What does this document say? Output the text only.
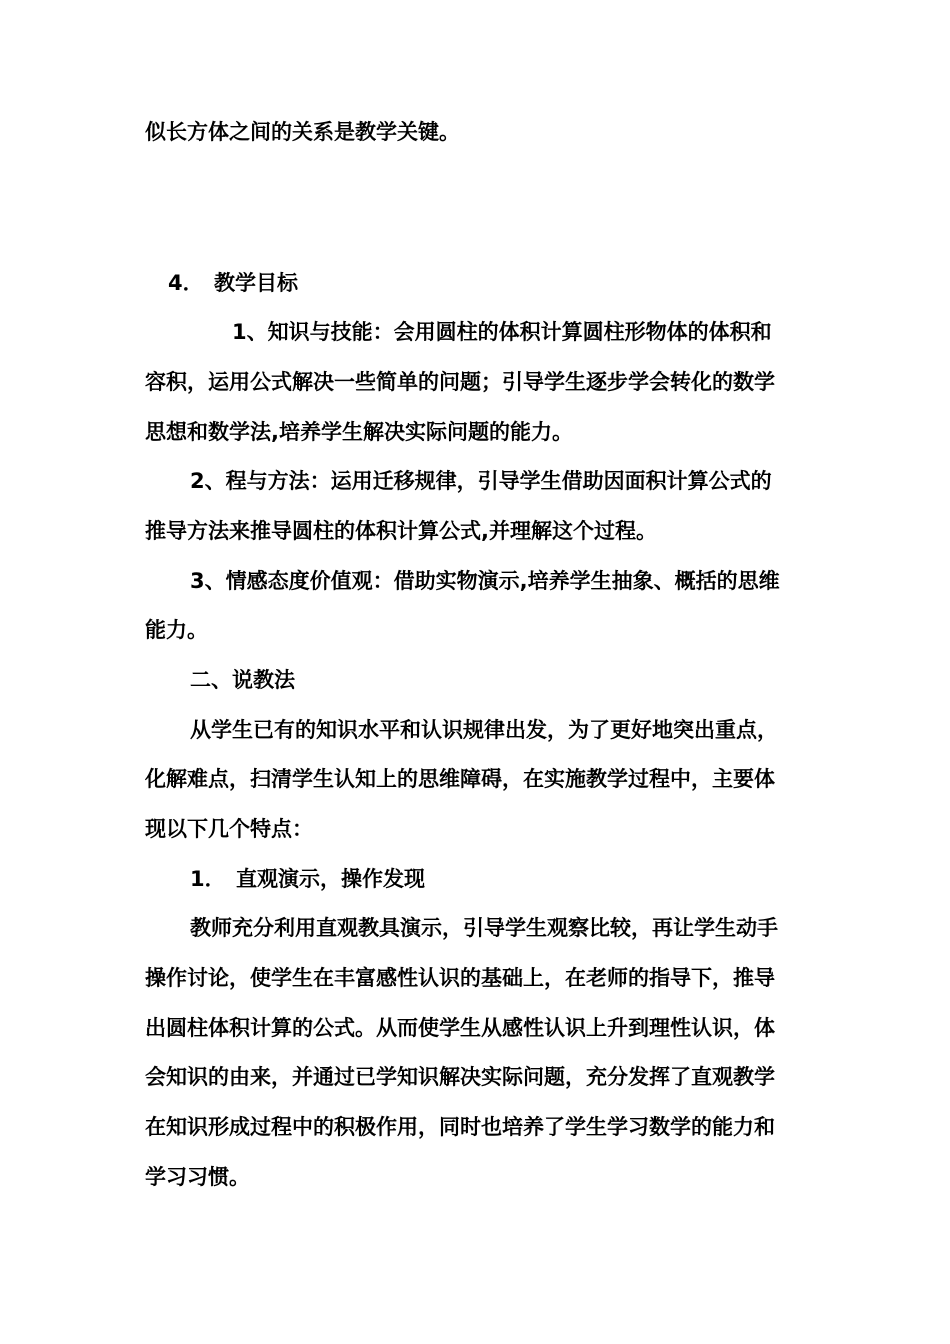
似长方体之间的关系是教学关键。
4． 教学目标
1、知识与技能：会用圆柱的体积计算圆柱形物体的体积和
容积，运用公式解决一些简单的问题；引导学生逐步学会转化的数学
思想和数学法,培养学生解决实际问题的能力。
2、程与方法：运用迁移规律，引导学生借助因面积计算公式的
推导方法来推导圆柱的体积计算公式,并理解这个过程。
3、情感态度价值观：借助实物演示,培养学生抽象、概括的思维
能力。
二、说教法
从学生已有的知识水平和认识规律出发，为了更好地突出重点，
化解难点，扫清学生认知上的思维障碍，在实施教学过程中，主要体
现以下几个特点：
1． 直观演示，操作发现
教师充分利用直观教具演示，引导学生观察比较，再让学生动手
操作讨论，使学生在丰富感性认识的基础上，在老师的指导下，推导
出圆柱体积计算的公式。从而使学生从感性认识上升到理性认识，体
会知识的由来，并通过已学知识解决实际问题，充分发挥了直观教学
在知识形成过程中的积极作用，同时也培养了学生学习数学的能力和
学习习惯。
